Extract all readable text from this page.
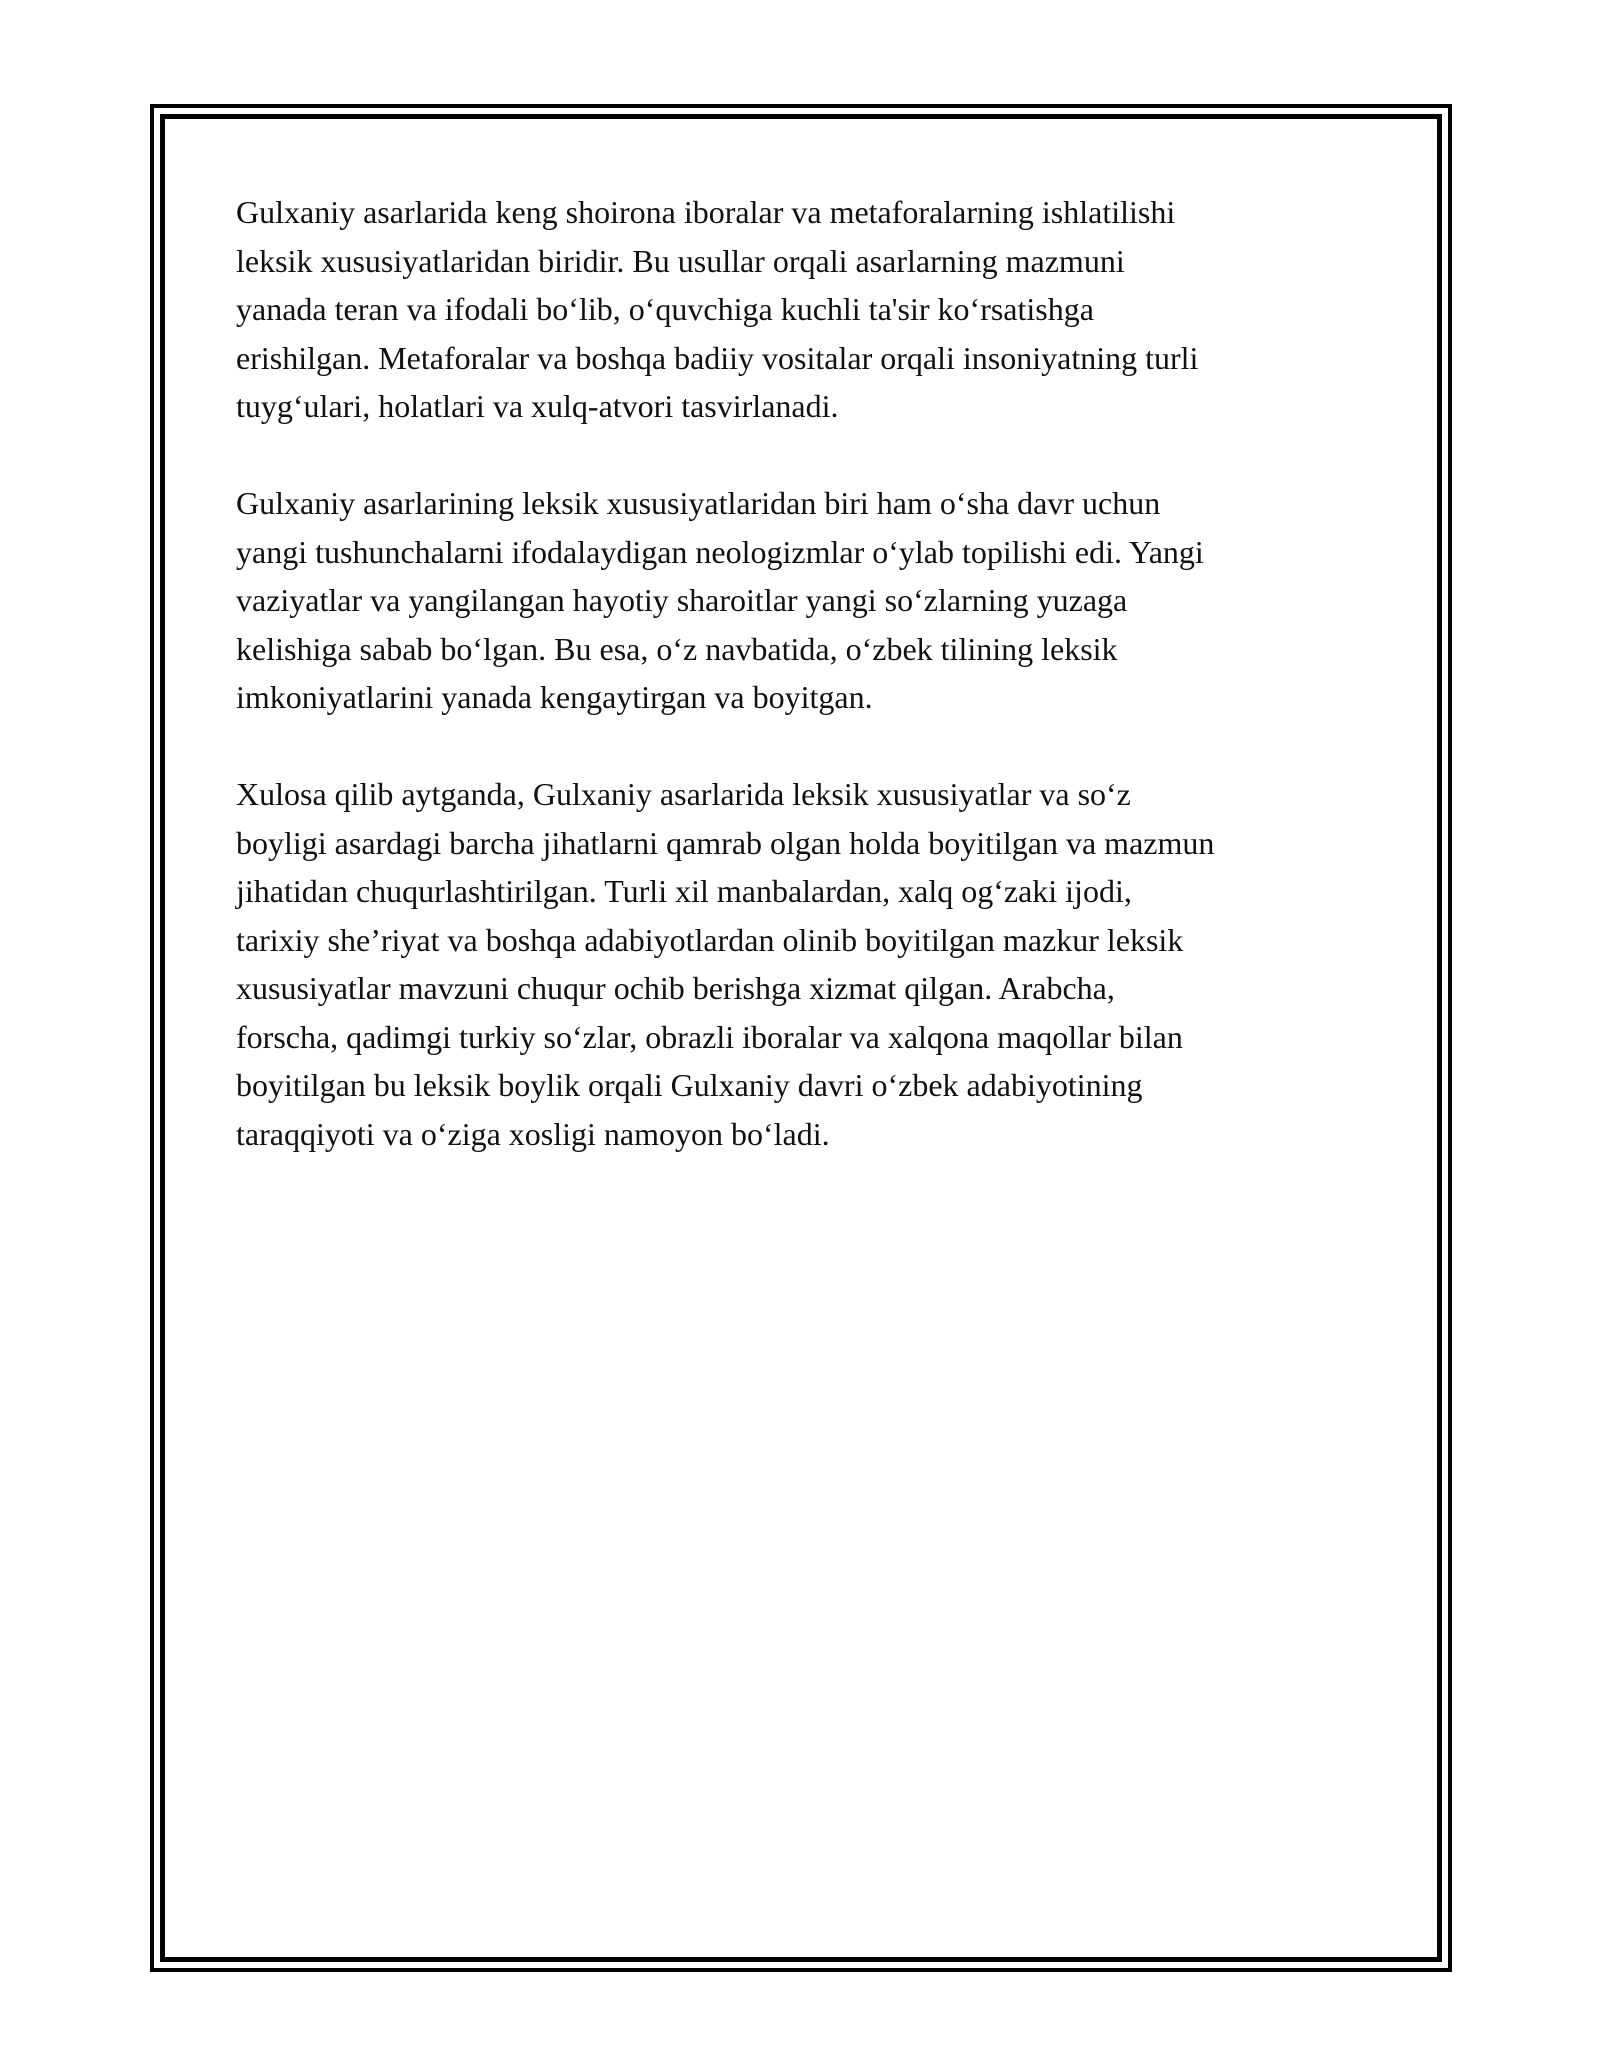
Gulxaniy asarlarida keng shoirona iboralar va metaforalarning ishlatilishi
leksik xususiyatlaridan biridir. Bu usullar orqali asarlarning mazmuni
yanada teran va ifodali bo‘lib, o‘quvchiga kuchli ta'sir ko‘rsatishga
erishilgan. Metaforalar va boshqa badiiy vositalar orqali insoniyatning turli
tuyg‘ulari, holatlari va xulq-atvori tasvirlanadi.

Gulxaniy asarlarining leksik xususiyatlaridan biri ham o‘sha davr uchun
yangi tushunchalarni ifodalaydigan neologizmlar o‘ylab topilishi edi. Yangi
vaziyatlar va yangilangan hayotiy sharoitlar yangi so‘zlarning yuzaga
kelishiga sabab bo‘lgan. Bu esa, o‘z navbatida, o‘zbek tilining leksik
imkoniyatlarini yanada kengaytirgan va boyitgan.

Xulosa qilib aytganda, Gulxaniy asarlarida leksik xususiyatlar va so‘z
boyligi asardagi barcha jihatlarni qamrab olgan holda boyitilgan va mazmun
jihatidan chuqurlashtirilgan. Turli xil manbalardan, xalq og‘zaki ijodi,
tarixiy she’riyat va boshqa adabiyotlardan olinib boyitilgan mazkur leksik
xususiyatlar mavzuni chuqur ochib berishga xizmat qilgan. Arabcha,
forscha, qadimgi turkiy so‘zlar, obrazli iboralar va xalqona maqollar bilan
boyitilgan bu leksik boylik orqali Gulxaniy davri o‘zbek adabiyotining
taraqqiyoti va o‘ziga xosligi namoyon bo‘ladi.
